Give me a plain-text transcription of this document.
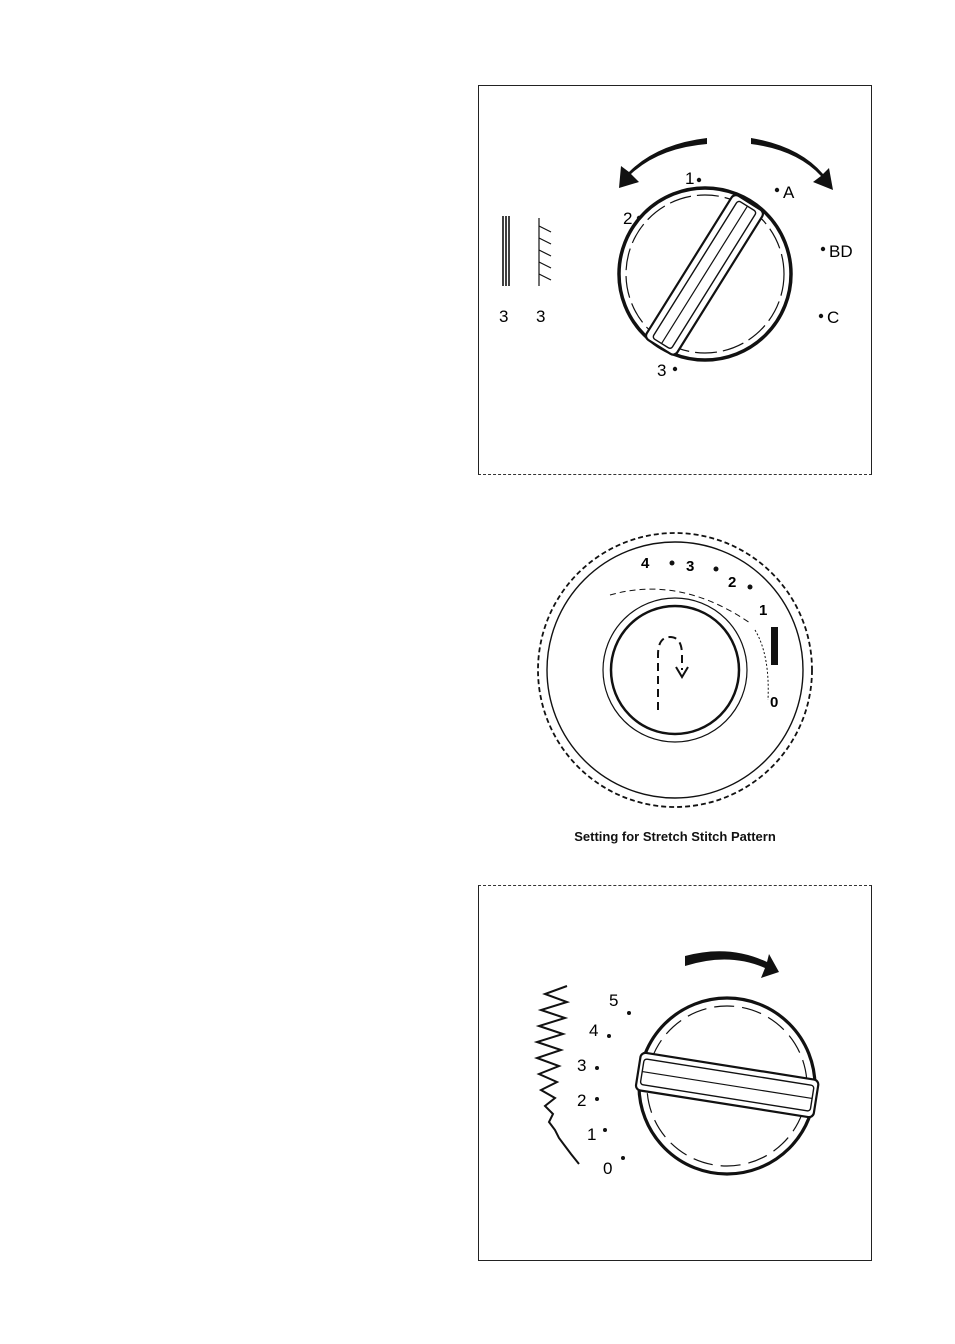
1
2
3
A
BD
C
3 3
4 3
2
1
0
Setting for Stretch Stitch Pattern
5
4
3
2
1
0
